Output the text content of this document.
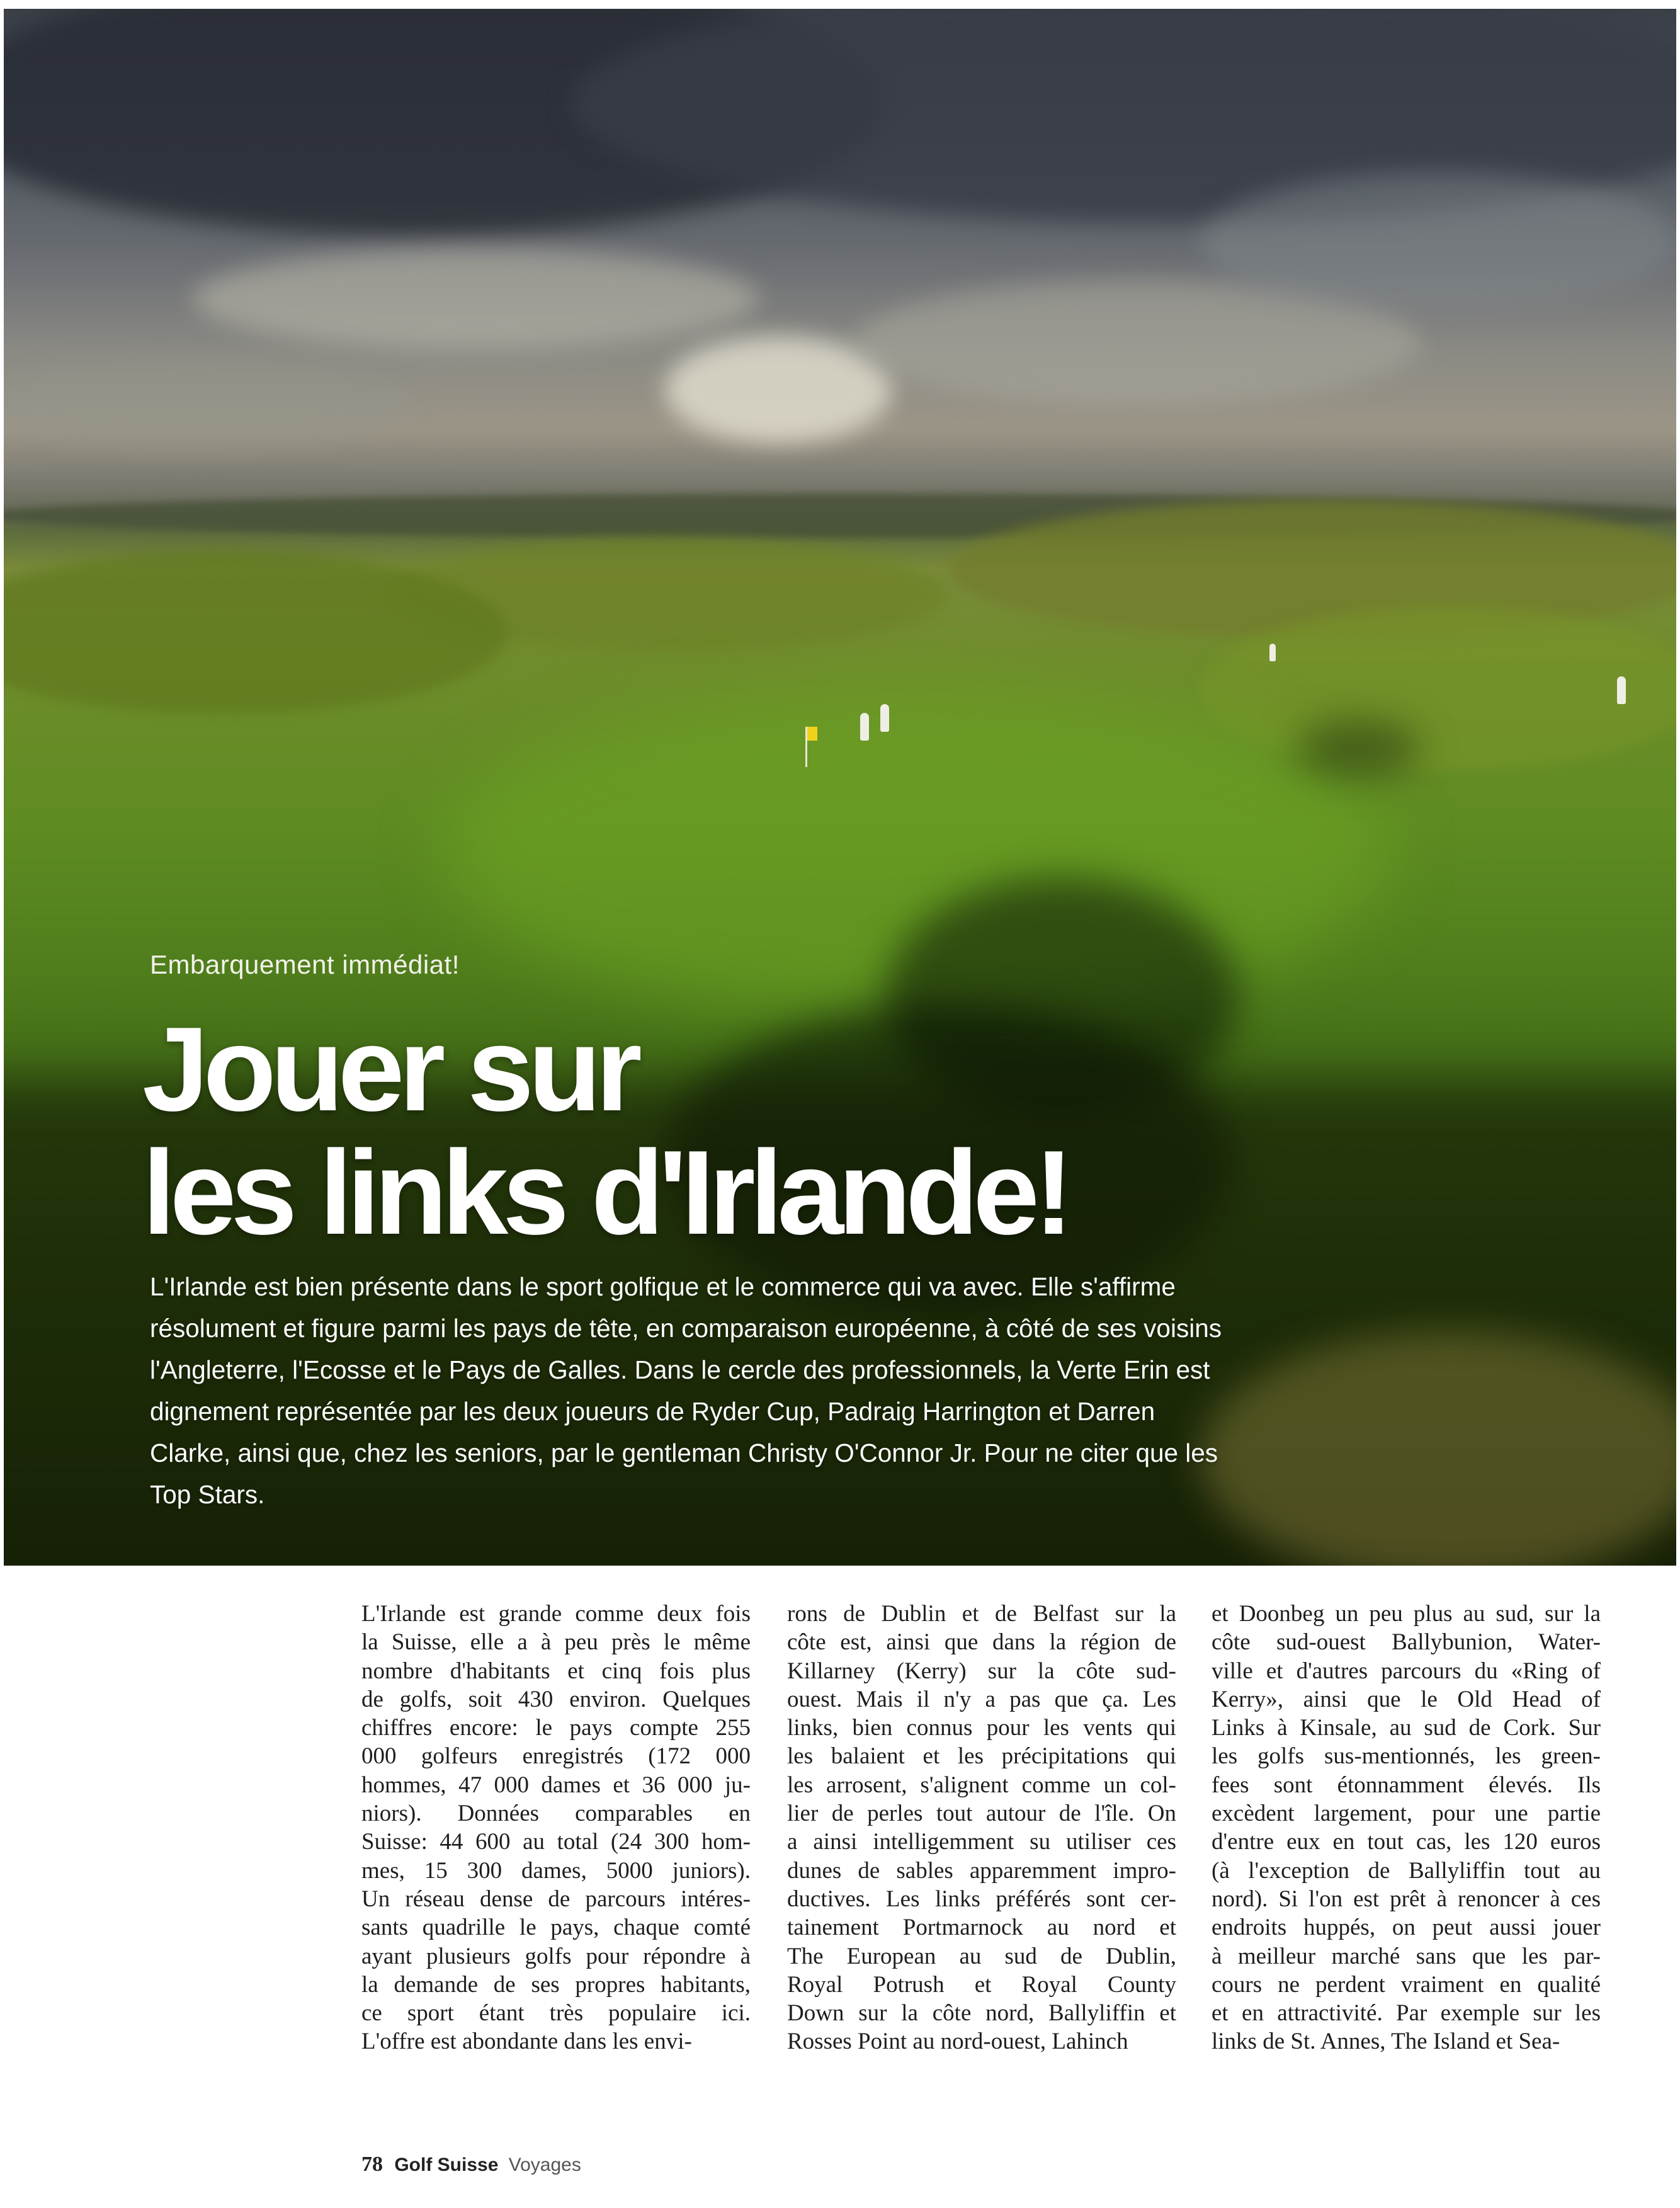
Embarquement immédiat!
Jouer sur
les links d'Irlande!

L'Irlande est bien présente dans le sport golfique et le commerce qui va avec. Elle s'affirme résolument et figure parmi les pays de tête, en comparaison européenne, à côté de ses voisins l'Angleterre, l'Ecosse et le Pays de Galles. Dans le cercle des professionnels, la Verte Erin est dignement représentée par les deux joueurs de Ryder Cup, Padraig Harrington et Darren Clarke, ainsi que, chez les seniors, par le gentleman Christy O'Connor Jr. Pour ne citer que les Top Stars.

L'Irlande est grande comme deux fois
la Suisse, elle a à peu près le même
nombre d'habitants et cinq fois plus
de golfs, soit 430 environ. Quelques
chiffres encore: le pays compte 255
000 golfeurs enregistrés (172 000
hommes, 47 000 dames et 36 000 ju-
niors). Données comparables en
Suisse: 44 600 au total (24 300 hom-
mes, 15 300 dames, 5000 juniors).
Un réseau dense de parcours intéres-
sants quadrille le pays, chaque comté
ayant plusieurs golfs pour répondre à
la demande de ses propres habitants,
ce sport étant très populaire ici.
L'offre est abondante dans les envi-
rons de Dublin et de Belfast sur la
côte est, ainsi que dans la région de
Killarney (Kerry) sur la côte sud-
ouest. Mais il n'y a pas que ça. Les
links, bien connus pour les vents qui
les balaient et les précipitations qui
les arrosent, s'alignent comme un col-
lier de perles tout autour de l'île. On
a ainsi intelligemment su utiliser ces
dunes de sables apparemment impro-
ductives. Les links préférés sont cer-
tainement Portmarnock au nord et
The European au sud de Dublin,
Royal Potrush et Royal County
Down sur la côte nord, Ballyliffin et
Rosses Point au nord-ouest, Lahinch
et Doonbeg un peu plus au sud, sur la
côte sud-ouest Ballybunion, Water-
ville et d'autres parcours du «Ring of
Kerry», ainsi que le Old Head of
Links à Kinsale, au sud de Cork. Sur
les golfs sus-mentionnés, les green-
fees sont étonnamment élevés. Ils
excèdent largement, pour une partie
d'entre eux en tout cas, les 120 euros
(à l'exception de Ballyliffin tout au
nord). Si l'on est prêt à renoncer à ces
endroits huppés, on peut aussi jouer
à meilleur marché sans que les par-
cours ne perdent vraiment en qualité
et en attractivité. Par exemple sur les
links de St. Annes, The Island et Sea-
78 Golf Suisse Voyages
